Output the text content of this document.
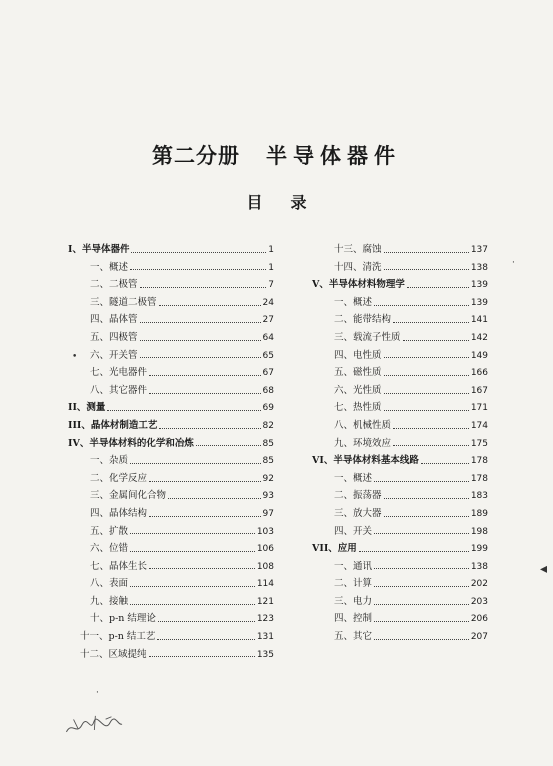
第二分册 半导体器件
目录
I、半导体器件	1
一、概述	1
二、二极管	7
三、隧道二极管	24
四、晶体管	27
五、四极管	64
六、开关管	65
七、光电器件	67
八、其它器件	68
II、测量	69
III、晶体材制造工艺	82
IV、半导体材料的化学和冶炼	85
一、杂质	85
二、化学反应	92
三、金属间化合物	93
四、晶体结构	97
五、扩散	103
六、位错	106
七、晶体生长	108
八、表面	114
九、接触	121
十、p-n 结理论	123
十一、p-n 结工艺	131
十二、区域提纯	135
十三、腐蚀	137
十四、清洗	138
V、半导体材料物理学	139
一、概述	139
二、能带结构	141
三、载流子性质	142
四、电性质	149
五、磁性质	166
六、光性质	167
七、热性质	171
八、机械性质	174
九、环境效应	175
VI、半导体材料基本线路	178
一、概述	178
二、振荡器	183
三、放大器	189
四、开关	198
VII、应用	199
一、通讯	138
二、计算	202
三、电力	203
四、控制	206
五、其它	207
•
·
◂
·
